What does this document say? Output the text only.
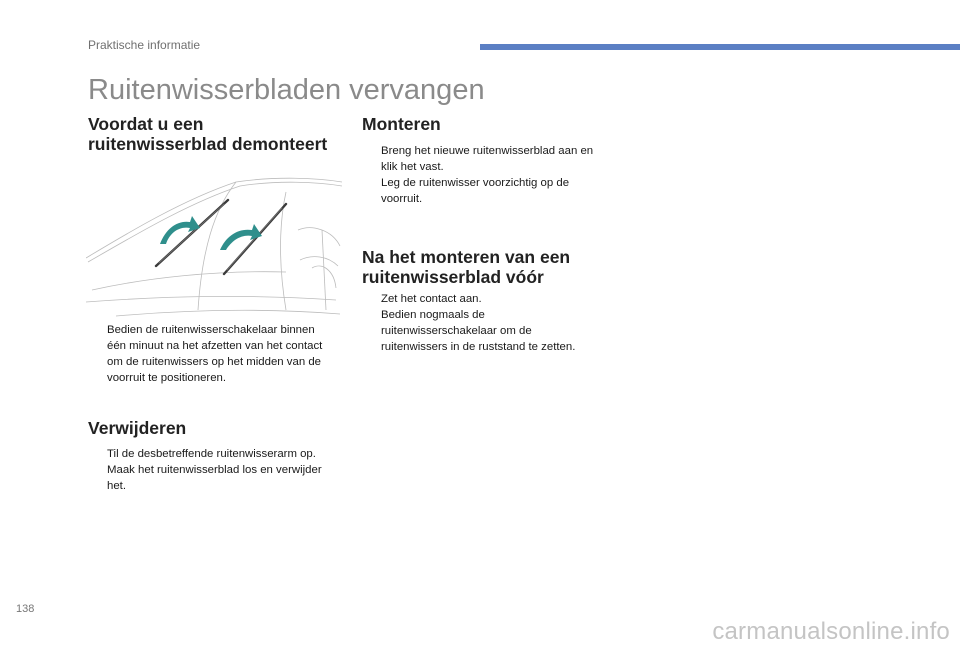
Praktische informatie
Ruitenwisserbladen vervangen
Voordat u een
ruitenwisserblad demonteert
Bedien de ruitenwisserschakelaar binnen
één minuut na het afzetten van het contact
om de ruitenwissers op het midden van de
voorruit te positioneren.
Verwijderen
Til de desbetreffende ruitenwisserarm op.
Maak het ruitenwisserblad los en verwijder
het.
Monteren
Breng het nieuwe ruitenwisserblad aan en
klik het vast.
Leg de ruitenwisser voorzichtig op de
voorruit.
Na het monteren van een
ruitenwisserblad vóór
Zet het contact aan.
Bedien nogmaals de
ruitenwisserschakelaar om de
ruitenwissers in de ruststand te zetten.
138
carmanualsonline.info
